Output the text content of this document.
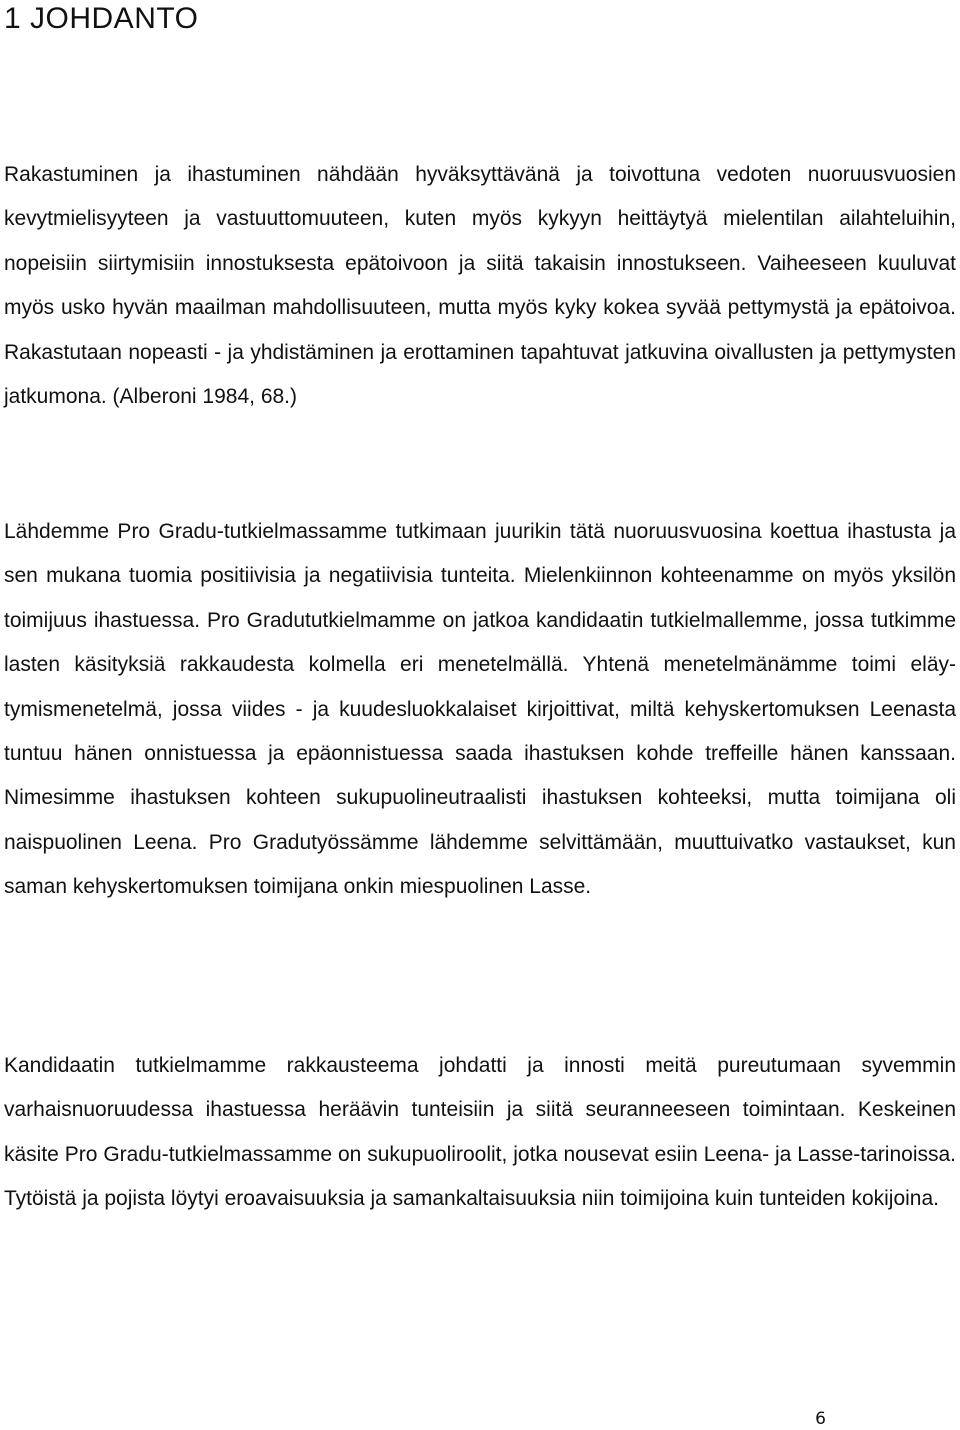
1 JOHDANTO

Rakastuminen ja ihastuminen nähdään hyväksyttävänä ja toivottuna vedoten nuoruusvuosien kevytmielisyyteen ja vastuuttomuuteen, kuten myös kykyyn heittäytyä mielentilan ailahteluihin, nopeisiin siirtymisiin innostuksesta epätoivoon ja siitä takaisin innostukseen. Vaiheeseen kuuluvat myös usko hyvän maailman mahdollisuuteen, mutta myös kyky kokea syvää pettymystä ja epätoivoa. Rakastutaan nopeasti - ja yhdistäminen ja erottaminen tapahtuvat jatkuvina oivallusten ja pettymysten jatkumona. (Alberoni 1984, 68.)

Lähdemme Pro Gradu-tutkielmassamme tutkimaan juurikin tätä nuoruusvuosina koettua ihastusta ja sen mukana tuomia positiivisia ja negatiivisia tunteita. Mielenkiinnon kohteenamme on myös yksilön toimijuus ihastuessa. Pro Gradututkielmamme on jatkoa kandidaatin tutkielmallemme, jossa tutkimme lasten käsityksiä rakkaudesta kolmella eri menetelmällä. Yhtenä menetelmänämme toimi eläytymismenetelmä, jossa viides - ja kuudesluokkalaiset kirjoittivat, miltä kehyskertomuksen Leenasta tuntuu hänen onnistuessa ja epäonnistuessa saada ihastuksen kohde treffeille hänen kanssaan. Nimesimme ihastuksen kohteen sukupuolineutraalisti ihastuksen kohteeksi, mutta toimijana oli naispuolinen Leena. Pro Gradutyössämme lähdemme selvittämään, muuttuivatko vastaukset, kun saman kehyskertomuksen toimijana onkin miespuolinen Lasse.

Kandidaatin tutkielmamme rakkausteema johdatti ja innosti meitä pureutumaan syvemmin varhaisnuoruudessa ihastuessa heräävin tunteisiin ja siitä seuranneeseen toimintaan. Keskeinen käsite Pro Gradu-tutkielmassamme on sukupuoliroolit, jotka nousevat esiin Leena- ja Lasse-tarinoissa. Tytöistä ja pojista löytyi eroavaisuuksia ja samankaltaisuuksia niin toimijoina kuin tunteiden kokijoina.

6
